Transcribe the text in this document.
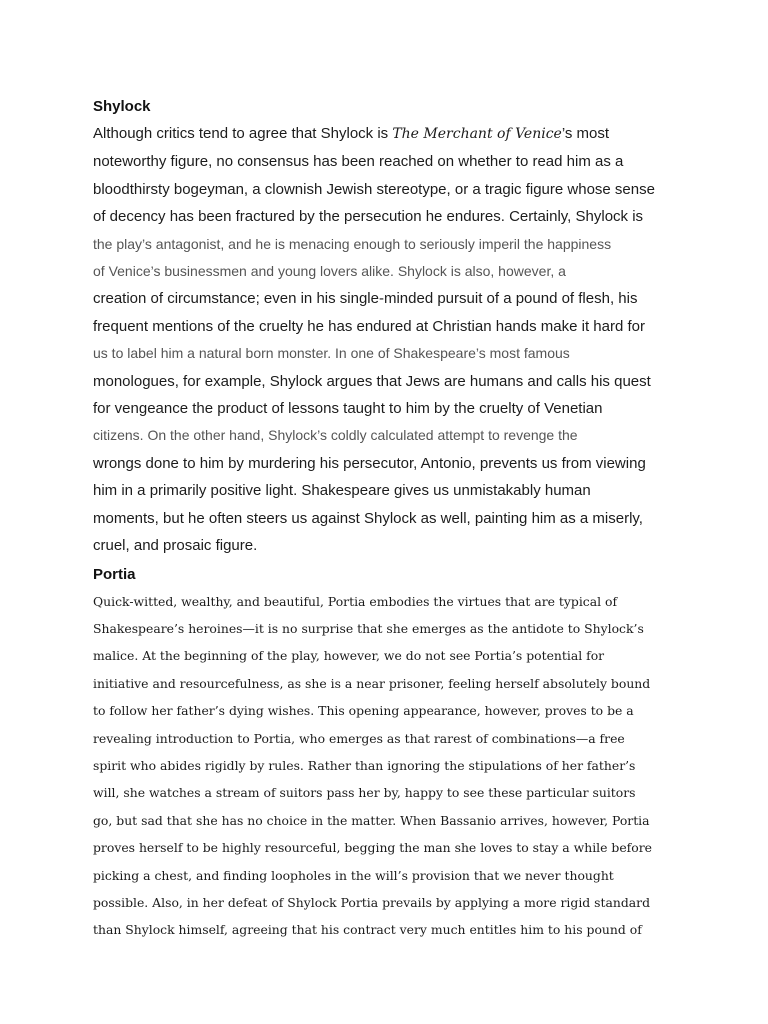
Shylock
Although critics tend to agree that Shylock is The Merchant of Venice’s most
noteworthy figure, no consensus has been reached on whether to read him as a
bloodthirsty bogeyman, a clownish Jewish stereotype, or a tragic figure whose sense
of decency has been fractured by the persecution he endures. Certainly, Shylock is
the play’s antagonist, and he is menacing enough to seriously imperil the happiness
of Venice’s businessmen and young lovers alike. Shylock is also, however, a
creation of circumstance; even in his single-minded pursuit of a pound of flesh, his
frequent mentions of the cruelty he has endured at Christian hands make it hard for
us to label him a natural born monster. In one of Shakespeare’s most famous
monologues, for example, Shylock argues that Jews are humans and calls his quest
for vengeance the product of lessons taught to him by the cruelty of Venetian
citizens. On the other hand, Shylock’s coldly calculated attempt to revenge the
wrongs done to him by murdering his persecutor, Antonio, prevents us from viewing
him in a primarily positive light. Shakespeare gives us unmistakably human
moments, but he often steers us against Shylock as well, painting him as a miserly,
cruel, and prosaic figure.
Portia
Quick-witted, wealthy, and beautiful, Portia embodies the virtues that are typical of
Shakespeare’s heroines—it is no surprise that she emerges as the antidote to Shylock’s
malice. At the beginning of the play, however, we do not see Portia’s potential for
initiative and resourcefulness, as she is a near prisoner, feeling herself absolutely bound
to follow her father’s dying wishes. This opening appearance, however, proves to be a
revealing introduction to Portia, who emerges as that rarest of combinations—a free
spirit who abides rigidly by rules. Rather than ignoring the stipulations of her father’s
will, she watches a stream of suitors pass her by, happy to see these particular suitors
go, but sad that she has no choice in the matter. When Bassanio arrives, however, Portia
proves herself to be highly resourceful, begging the man she loves to stay a while before
picking a chest, and finding loopholes in the will’s provision that we never thought
possible. Also, in her defeat of Shylock Portia prevails by applying a more rigid standard
than Shylock himself, agreeing that his contract very much entitles him to his pound of
